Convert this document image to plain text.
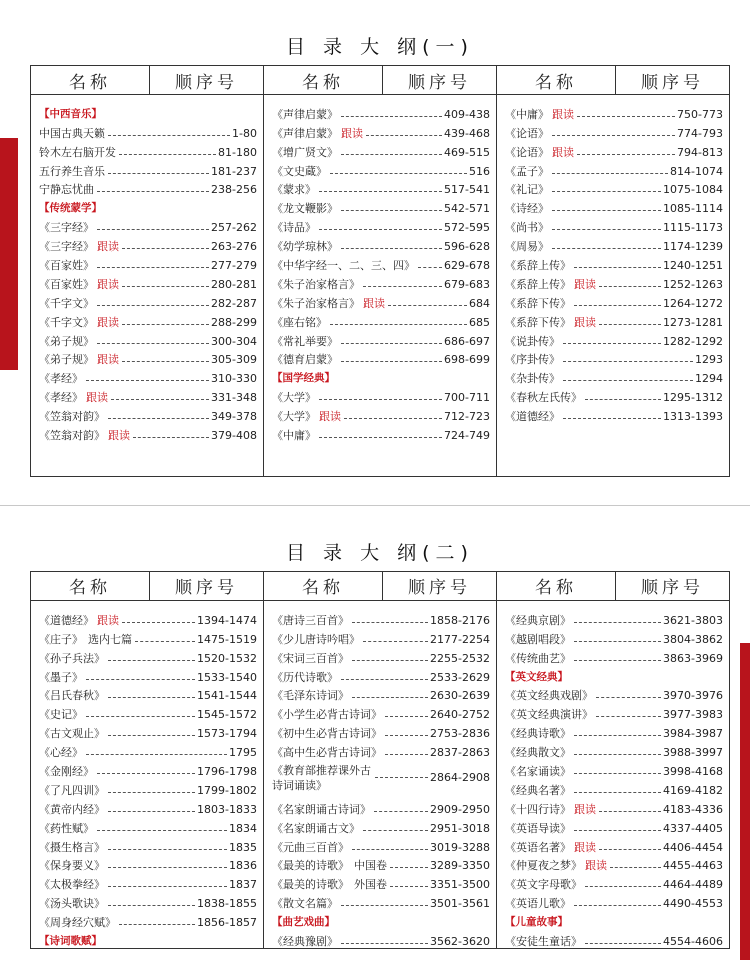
目 录 大 纲(一)
名称	顺序号
【中西音乐】
中国古典天籁	1-80
铃木左右脑开发	81-180
五行养生音乐	181-237
宁静忘忧曲	238-256
【传统蒙学】
《三字经》	257-262
《三字经》 跟读	263-276
《百家姓》	277-279
《百家姓》 跟读	280-281
《千字文》	282-287
《千字文》 跟读	288-299
《弟子规》	300-304
《弟子规》 跟读	305-309
《孝经》	310-330
《孝经》 跟读	331-348
《笠翁对韵》	349-378
《笠翁对韵》 跟读	379-408
名称	顺序号
《声律启蒙》	409-438
《声律启蒙》 跟读	439-468
《增广贤文》	469-515
《文史蔵》	516
《蒙求》	517-541
《龙文鞭影》	542-571
《诗品》	572-595
《幼学琼林》	596-628
《中华字经一、二、三、四》	629-678
《朱子治家格言》	679-683
《朱子治家格言》 跟读	684
《座右铭》	685
《常礼举要》	686-697
《德育启蒙》	698-699
【国学经典】
《大学》	700-711
《大学》 跟读	712-723
《中庸》	724-749
名称	顺序号
《中庸》 跟读	750-773
《论语》	774-793
《论语》 跟读	794-813
《孟子》	814-1074
《礼记》	1075-1084
《诗经》	1085-1114
《尚书》	1115-1173
《周易》	1174-1239
《系辞上传》	1240-1251
《系辞上传》 跟读	1252-1263
《系辞下传》	1264-1272
《系辞下传》 跟读	1273-1281
《说卦传》	1282-1292
《序卦传》	1293
《杂卦传》	1294
《春秋左氏传》	1295-1312
《道德经》	1313-1393
目 录 大 纲(二)
名称	顺序号
《道德经》 跟读	1394-1474
《庄子》 选内七篇	1475-1519
《孙子兵法》	1520-1532
《墨子》	1533-1540
《吕氏春秋》	1541-1544
《史记》	1545-1572
《古文观止》	1573-1794
《心经》	1795
《金刚经》	1796-1798
《了凡四训》	1799-1802
《黄帝内经》	1803-1833
《药性赋》	1834
《摄生格言》	1835
《保身要义》	1836
《太极拳经》	1837
《汤头歌诀》	1838-1855
《周身经穴赋》	1856-1857
【诗词歌赋】
名称	顺序号
《唐诗三百首》	1858-2176
《少儿唐诗吟唱》	2177-2254
《宋词三百首》	2255-2532
《历代诗歌》	2533-2629
《毛泽东诗词》	2630-2639
《小学生必背古诗词》	2640-2752
《初中生必背古诗词》	2753-2836
《高中生必背古诗词》	2837-2863
《教育部推荐课外古诗词诵读》
2864-2908
《名家朗诵古诗词》	2909-2950
《名家朗诵古文》	2951-3018
《元曲三百首》	3019-3288
《最美的诗歌》 中国卷	3289-3350
《最美的诗歌》 外国卷	3351-3500
《散文名篇》	3501-3561
【曲艺戏曲】
《经典豫剧》	3562-3620
名称	顺序号
《经典京剧》	3621-3803
《越剧唱段》	3804-3862
《传统曲艺》	3863-3969
【英文经典】
《英文经典戏剧》	3970-3976
《英文经典演讲》	3977-3983
《经典诗歌》	3984-3987
《经典散文》	3988-3997
《名家诵读》	3998-4168
《经典名著》	4169-4182
《十四行诗》 跟读	4183-4336
《英语导读》	4337-4405
《英语名著》 跟读	4406-4454
《仲夏夜之梦》 跟读	4455-4463
《英文字母歌》	4464-4489
《英语儿歌》	4490-4553
【儿童故事】
《安徒生童话》	4554-4606
